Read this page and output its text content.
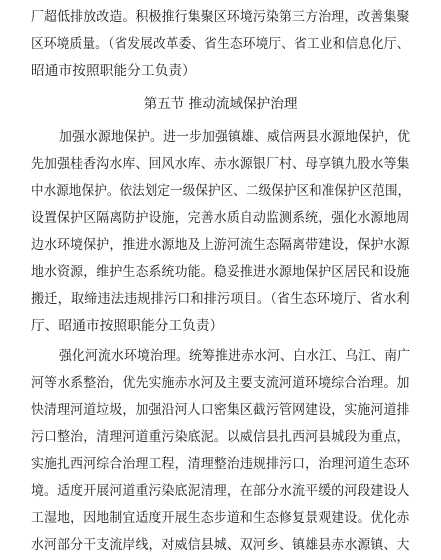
厂超低排放改造。积极推行集聚区环境污染第三方治理，改善集聚
区环境质量。（省发展改革委、省生态环境厅、省工业和信息化厅、
昭通市按照职能分工负责）
第五节 推动流域保护治理
加强水源地保护。进一步加强镇雄、威信两县水源地保护，优
先加强桂香沟水库、回风水库、赤水源银厂村、母享镇九股水等集
中水源地保护。依法划定一级保护区、二级保护区和准保护区范围，
设置保护区隔离防护设施，完善水质自动监测系统，强化水源地周
边水环境保护，推进水源地及上游河流生态隔离带建设，保护水源
地水资源，维护生态系统功能。稳妥推进水源地保护区居民和设施
搬迁，取缔违法违规排污口和排污项目。（省生态环境厅、省水利
厅、昭通市按照职能分工负责）
强化河流水环境治理。统筹推进赤水河、白水江、乌江、南广
河等水系整治，优先实施赤水河及主要支流河道环境综合治理。加
快清理河道垃圾，加强沿河人口密集区截污管网建设，实施河道排
污口整治，清理河道重污染底泥。以威信县扎西河县城段为重点，
实施扎西河综合治理工程，清理整治违规排污口，治理河道生态环
境。适度开展河道重污染底泥清理，在部分水流平缓的河段建设人
工湿地，因地制宜适度开展生态步道和生态修复景观建设。优化赤
水河部分干支流岸线，对威信县城、双河乡、镇雄县赤水源镇、大
